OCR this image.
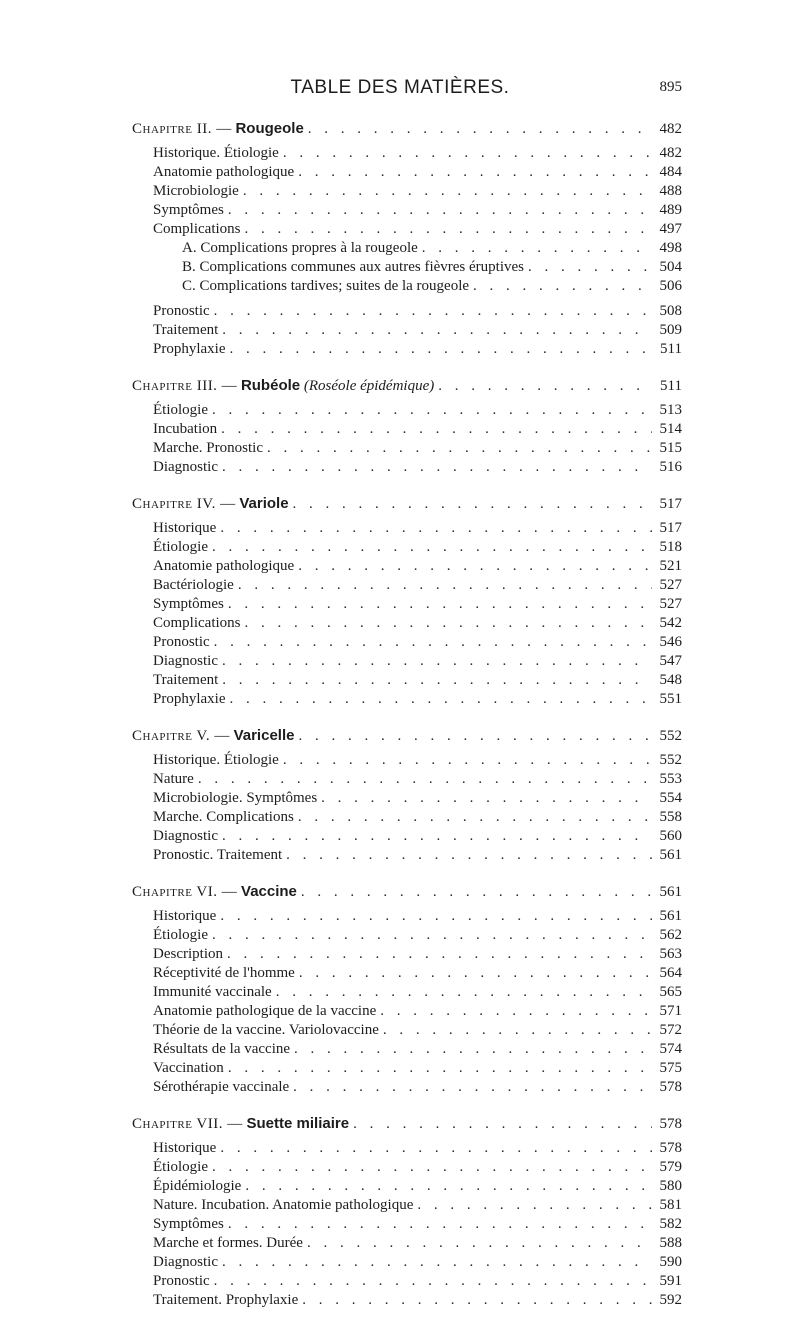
TABLE DES MATIÈRES.	895
Chapitre II. — Rougeole . . .	482
Historique. Étiologie . . .	482
Anatomie pathologique . . .	484
Microbiologie . . .	488
Symptômes . . .	489
Complications . . .	497
A. Complications propres à la rougeole . . .	498
B. Complications communes aux autres fièvres éruptives . . .	504
C. Complications tardives; suites de la rougeole . . .	506
Pronostic . . .	508
Traitement . . .	509
Prophylaxie . . .	511
Chapitre III. — Rubéole (Roséole épidémique) . . .	511
Étiologie . . .	513
Incubation . . .	514
Marche. Pronostic . . .	515
Diagnostic . . .	516
Chapitre IV. — Variole . . .	517
Historique . . .	517
Étiologie . . .	518
Anatomie pathologique . . .	521
Bactériologie . . .	527
Symptômes . . .	527
Complications . . .	542
Pronostic . . .	546
Diagnostic . . .	547
Traitement . . .	548
Prophylaxie . . .	551
Chapitre V. — Varicelle . . .	552
Historique. Étiologie . . .	552
Nature . . .	553
Microbiologie. Symptômes . . .	554
Marche. Complications . . .	558
Diagnostic . . .	560
Pronostic. Traitement . . .	561
Chapitre VI. — Vaccine . . .	561
Historique . . .	561
Étiologie . . .	562
Description . . .	563
Réceptivité de l'homme . . .	564
Immunité vaccinale . . .	565
Anatomie pathologique de la vaccine . . .	571
Théorie de la vaccine. Variolovaccine . . .	572
Résultats de la vaccine . . .	574
Vaccination . . .	575
Sérothérapie vaccinale . . .	578
Chapitre VII. — Suette miliaire . . .	578
Historique . . .	578
Étiologie . . .	579
Épidémiologie . . .	580
Nature. Incubation. Anatomie pathologique . . .	581
Symptômes . . .	582
Marche et formes. Durée . . .	588
Diagnostic . . .	590
Pronostic . . .	591
Traitement. Prophylaxie . . .	592
